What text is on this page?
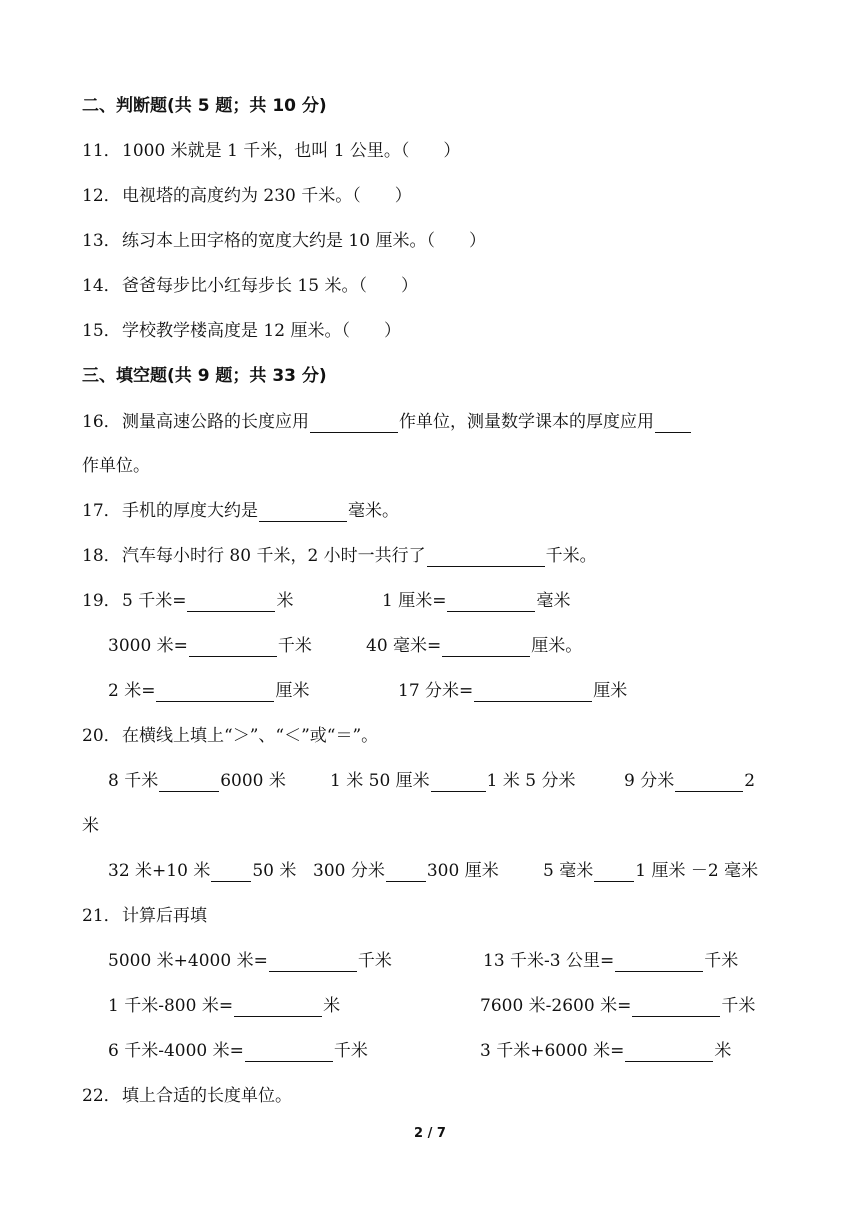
二、判断题(共 5 题；共 10 分)
11．1000 米就是 1 千米，也叫 1 公里。（　　）
12．电视塔的高度约为 230 千米。（　　）
13．练习本上田字格的宽度大约是 10 厘米。（　　）
14．爸爸每步比小红每步长 15 米。（　　）
15．学校教学楼高度是 12 厘米。（　　）
三、填空题(共 9 题；共 33 分)
16．测量高速公路的长度应用	作单位，测量数学课本的厚度应用
作单位。
17．手机的厚度大约是	毫米。
18．汽车每小时行 80 千米，2 小时一共行了	千米。
19．5 千米=	米	1 厘米=	毫米
3000 米=	千米	40 毫米=	厘米。
2 米=	厘米	17 分米=	厘米
20．在横线上填上“＞”、“＜”或“＝”。
8 千米	6000 米	1 米 50 厘米	1 米 5 分米	9 分米	2
米
32 米+10 米 50 米 300 分米 300 厘米	5 毫米 1 厘米 －2 毫米
21．计算后再填
5000 米+4000 米=	千米	13 千米-3 公里=	千米
1 千米-800 米=	米	7600 米-2600 米=	千米
6 千米-4000 米=	千米	3 千米+6000 米=	米
22．填上合适的长度单位。
2 / 7
